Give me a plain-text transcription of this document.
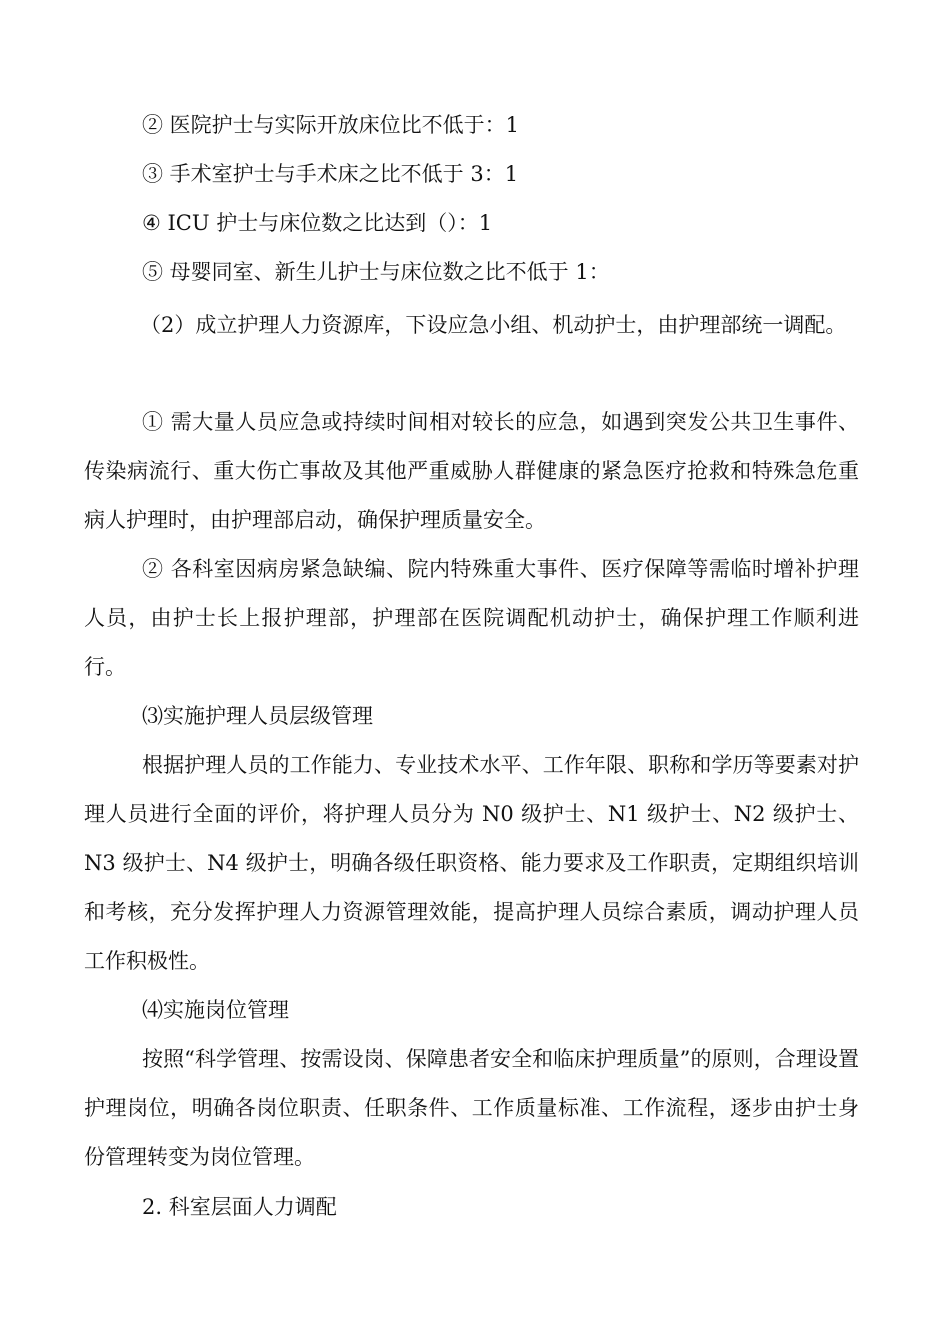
② 医院护士与实际开放床位比不低于：1

③ 手术室护士与手术床之比不低于 3：1

④ ICU 护士与床位数之比达到（）：1

⑤ 母婴同室、新生儿护士与床位数之比不低于 1：

（2）成立护理人力资源库，下设应急小组、机动护士，由护理部统一调配。

① 需大量人员应急或持续时间相对较长的应急，如遇到突发公共卫生事件、传染病流行、重大伤亡事故及其他严重威胁人群健康的紧急医疗抢救和特殊急危重病人护理时，由护理部启动，确保护理质量安全。

② 各科室因病房紧急缺编、院内特殊重大事件、医疗保障等需临时增补护理人员，由护士长上报护理部，护理部在医院调配机动护士，确保护理工作顺利进行。

⑶实施护理人员层级管理

根据护理人员的工作能力、专业技术水平、工作年限、职称和学历等要素对护理人员进行全面的评价，将护理人员分为 N0 级护士、N1 级护士、N2 级护士、N3 级护士、N4 级护士，明确各级任职资格、能力要求及工作职责，定期组织培训和考核，充分发挥护理人力资源管理效能，提高护理人员综合素质，调动护理人员工作积极性。

⑷实施岗位管理

按照“科学管理、按需设岗、保障患者安全和临床护理质量”的原则，合理设置护理岗位，明确各岗位职责、任职条件、工作质量标准、工作流程，逐步由护士身份管理转变为岗位管理。

2. 科室层面人力调配
